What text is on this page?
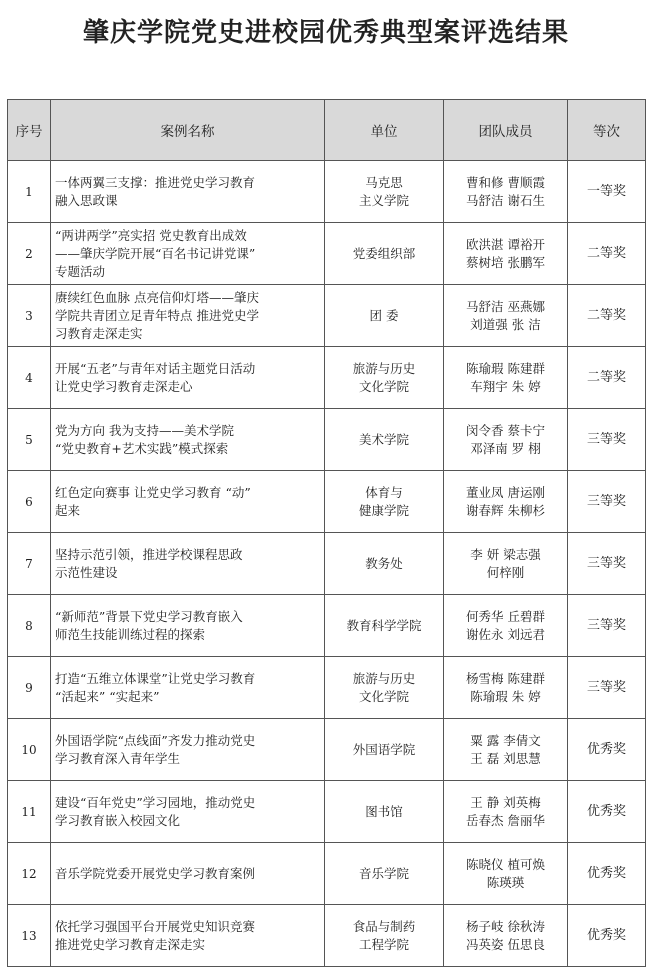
肇庆学院党史进校园优秀典型案评选结果
序号	案例名称	单位	团队成员	等次
1	一体两翼三支撑：推进党史学习教育
融入思政课	马克思
主义学院	曹和修 曹顺霞
马舒洁 谢石生	一等奖
2	“两讲两学”亮实招 党史教育出成效
——肇庆学院开展“百名书记讲党课”
专题活动	党委组织部	欧洪湛 谭裕开
蔡树培 张鹏军	二等奖
3	赓续红色血脉 点亮信仰灯塔——肇庆
学院共青团立足青年特点 推进党史学
习教育走深走实	团 委	马舒洁 巫燕娜
刘道强 张 洁	二等奖
4	开展“五老”与青年对话主题党日活动
让党史学习教育走深走心	旅游与历史
文化学院	陈瑜瑕 陈建群
车翔宇 朱 婷	二等奖
5	党为方向 我为支持——美术学院
“党史教育+艺术实践”模式探索	美术学院	闵令香 蔡卡宁
邓泽南 罗 栩	三等奖
6	红色定向赛事 让党史学习教育 “动”
起来	体育与
健康学院	董业凤 唐运刚
谢春辉 朱柳杉	三等奖
7	坚持示范引领，推进学校课程思政
示范性建设	教务处	李 妍 梁志强
何梓刚	三等奖
8	“新师范”背景下党史学习教育嵌入
师范生技能训练过程的探索	教育科学学院	何秀华 丘碧群
谢佐永 刘远君	三等奖
9	打造“五维立体课堂”让党史学习教育
“活起来” “实起来”	旅游与历史
文化学院	杨雪梅 陈建群
陈瑜瑕 朱 婷	三等奖
10	外国语学院“点线面”齐发力推动党史
学习教育深入青年学生	外国语学院	粟 露 李倩文
王 磊 刘思慧	优秀奖
11	建设“百年党史”学习园地，推动党史
学习教育嵌入校园文化	图书馆	王 静 刘英梅
岳春杰 詹丽华	优秀奖
12	音乐学院党委开展党史学习教育案例	音乐学院	陈晓仪 植可焕
陈瑛瑛	优秀奖
13	依托学习强国平台开展党史知识竞赛
推进党史学习教育走深走实	食品与制药
工程学院	杨子岐 徐秋涛
冯英姿 伍思良	优秀奖
